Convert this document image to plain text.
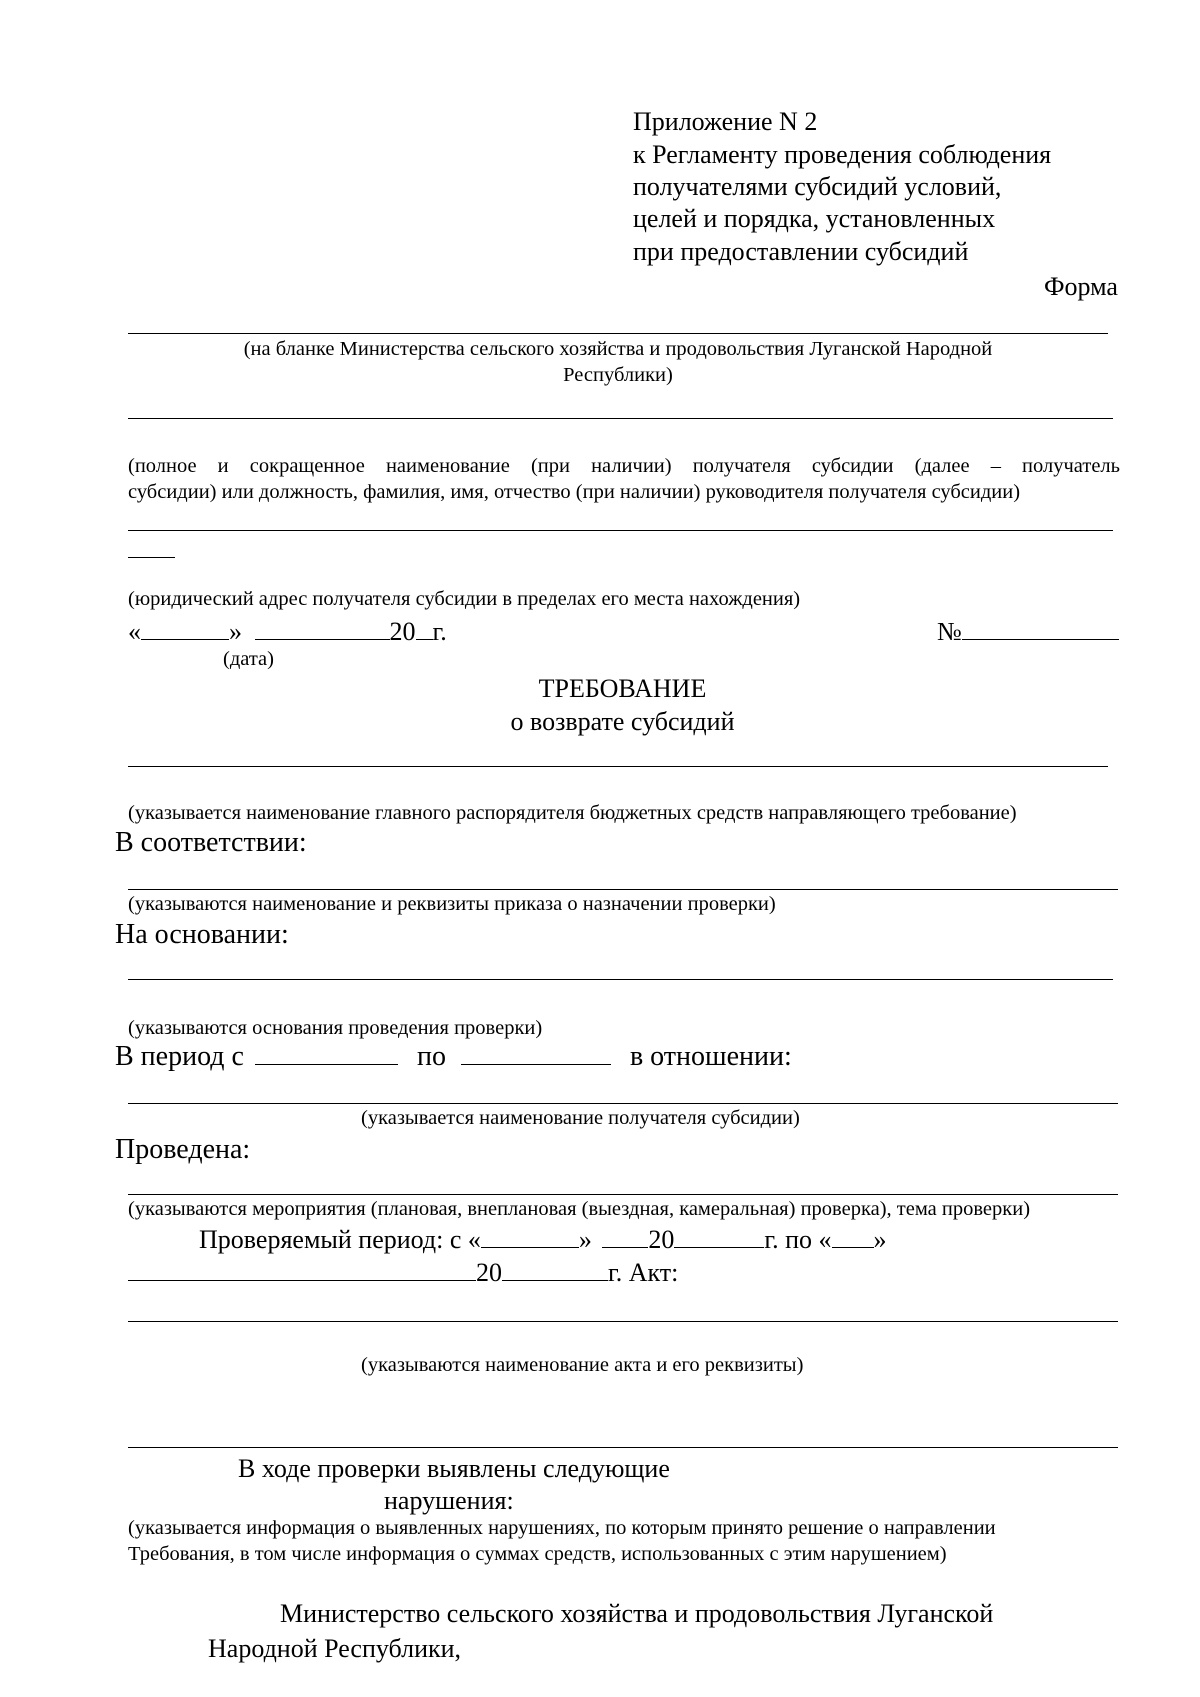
Приложение N 2
к Регламенту проведения соблюдения
получателями субсидий условий,
целей и порядка, установленных
при предоставлении субсидий
Форма
(на бланке Министерства сельского хозяйства и продовольствия Луганской Народной
Республики)
(полное и сокращенное наименование (при наличии) получателя субсидии (далее – получатель
субсидии) или должность, фамилия, имя, отчество (при наличии) руководителя получателя субсидии)
(юридический адрес получателя субсидии в пределах его места нахождения)
«	»	20 г.	№
(дата)
ТРЕБОВАНИЕ
о возврате субсидий
(указывается наименование главного распорядителя бюджетных средств направляющего требование)
В соответствии:
(указываются наименование и реквизиты приказа о назначении проверки)
На основании:
(указываются основания проведения проверки)
В период с	по	в отношении:
(указывается наименование получателя субсидии)
Проведена:
(указываются мероприятия (плановая, внеплановая (выездная, камеральная) проверка), тема проверки)
Проверяемый период: с «	» 20	г. по « »
20	г. Акт:
(указываются наименование акта и его реквизиты)
В ходе проверки выявлены следующие
нарушения:
(указывается информация о выявленных нарушениях, по которым принято решение о направлении
Требования, в том числе информация о суммах средств, использованных с этим нарушением)
Министерство сельского хозяйства и продовольствия Луганской
Народной Республики,
